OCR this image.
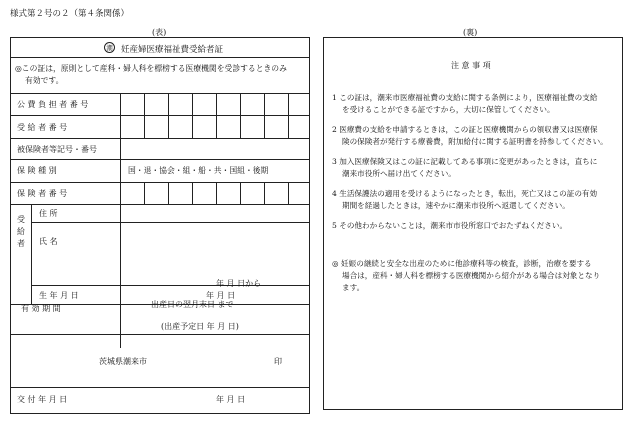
様式第２号の２（第４条関係）
(表)	(裏)
潮 妊産婦医療福祉費受給者証
◎この証は，原則として産科・婦人科を標榜する医療機関を受診するときのみ
有効です。
公 費 負 担 者 番 号
受 給 者 番 号
被保険者等記号・番号
保 険 種 別	国・退・協会・組・船・共・国組・後期
保 険 者 番 号
受給者
住 所
氏 名
生 年 月 日	年 月 日
有 効 期 間
年 月 日から
出産日の翌月末日 まで
(出産予定日 年 月 日)
茨城県潮来市	印
交 付 年 月 日	年 月 日
注 意 事 項
1 この証は，潮来市医療福祉費の支給に関する条例により，医療福祉費の支給
を受けることができる証ですから，大切に保管してください。
2 医療費の支給を申請するときは，この証と医療機関からの領収書又は医療保
険の保険者が発行する療養費，附加給付に関する証明書を持参してください。
3 加入医療保険又はこの証に記載してある事項に変更があったときは，直ちに
潮来市役所へ届け出てください。
4 生活保護法の適用を受けるようになったとき，転出，死亡又はこの証の有効
期間を経過したときは，速やかに潮来市役所へ返還してください。
5 その他わからないことは，潮来市市役所窓口でおたずねください。
◎ 妊娠の継続と安全な出産のために他診療科等の検査，診断，治療を要する
場合は，産科・婦人科を標榜する医療機関から紹介がある場合は対象となり
ます。
